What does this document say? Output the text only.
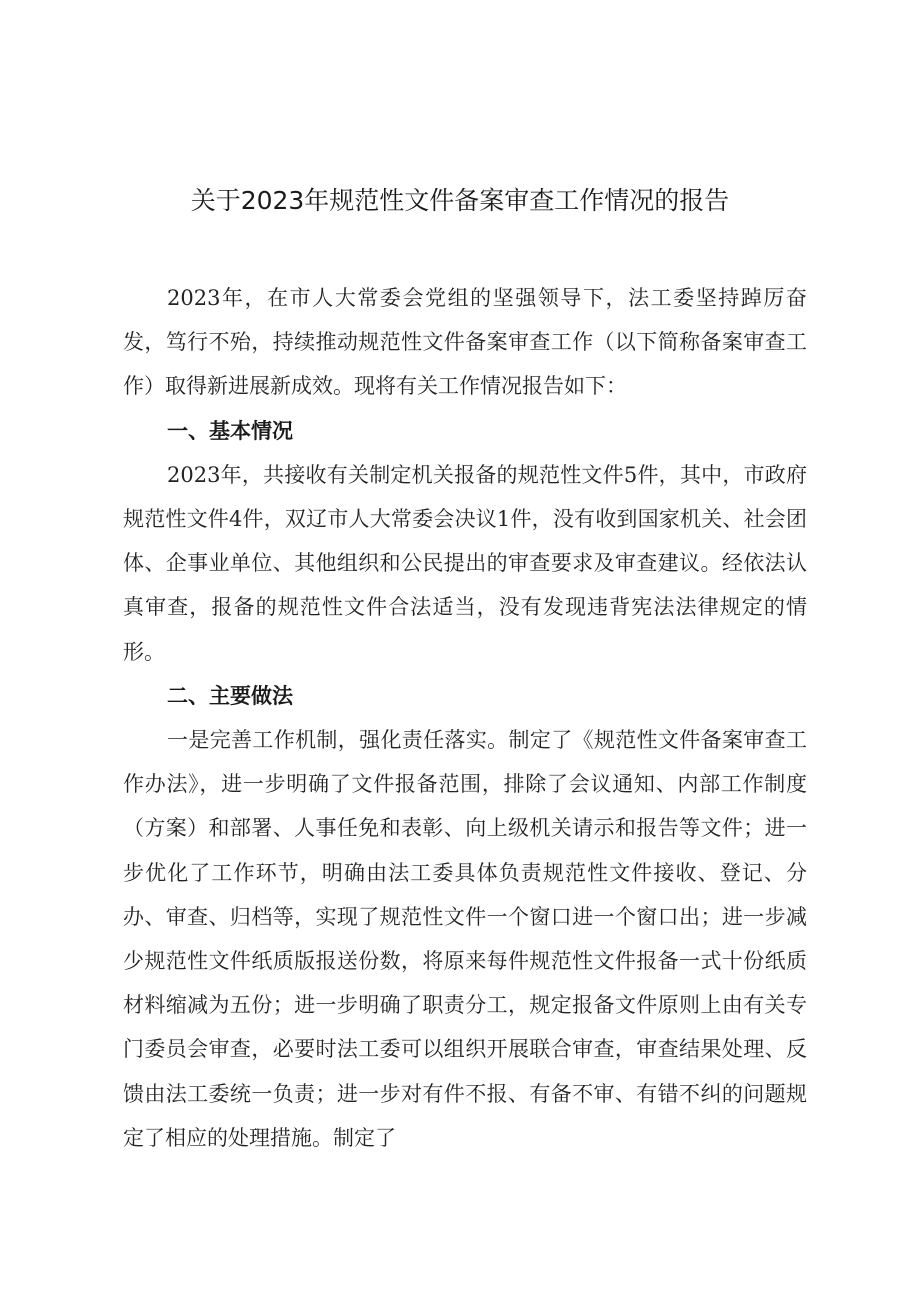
关于2023年规范性文件备案审查工作情况的报告

2023年，在市人大常委会党组的坚强领导下，法工委坚持踔厉奋发，笃行不殆，持续推动规范性文件备案审查工作（以下简称备案审查工作）取得新进展新成效。现将有关工作情况报告如下：

一、基本情况

2023年，共接收有关制定机关报备的规范性文件5件，其中，市政府规范性文件4件，双辽市人大常委会决议1件，没有收到国家机关、社会团体、企事业单位、其他组织和公民提出的审查要求及审查建议。经依法认真审查，报备的规范性文件合法适当，没有发现违背宪法法律规定的情形。

二、主要做法

一是完善工作机制，强化责任落实。制定了《规范性文件备案审查工作办法》，进一步明确了文件报备范围，排除了会议通知、内部工作制度（方案）和部署、人事任免和表彰、向上级机关请示和报告等文件；进一步优化了工作环节，明确由法工委具体负责规范性文件接收、登记、分办、审查、归档等，实现了规范性文件一个窗口进一个窗口出；进一步减少规范性文件纸质版报送份数，将原来每件规范性文件报备一式十份纸质材料缩减为五份；进一步明确了职责分工，规定报备文件原则上由有关专门委员会审查，必要时法工委可以组织开展联合审查，审查结果处理、反馈由法工委统一负责；进一步对有件不报、有备不审、有错不纠的问题规定了相应的处理措施。制定了
